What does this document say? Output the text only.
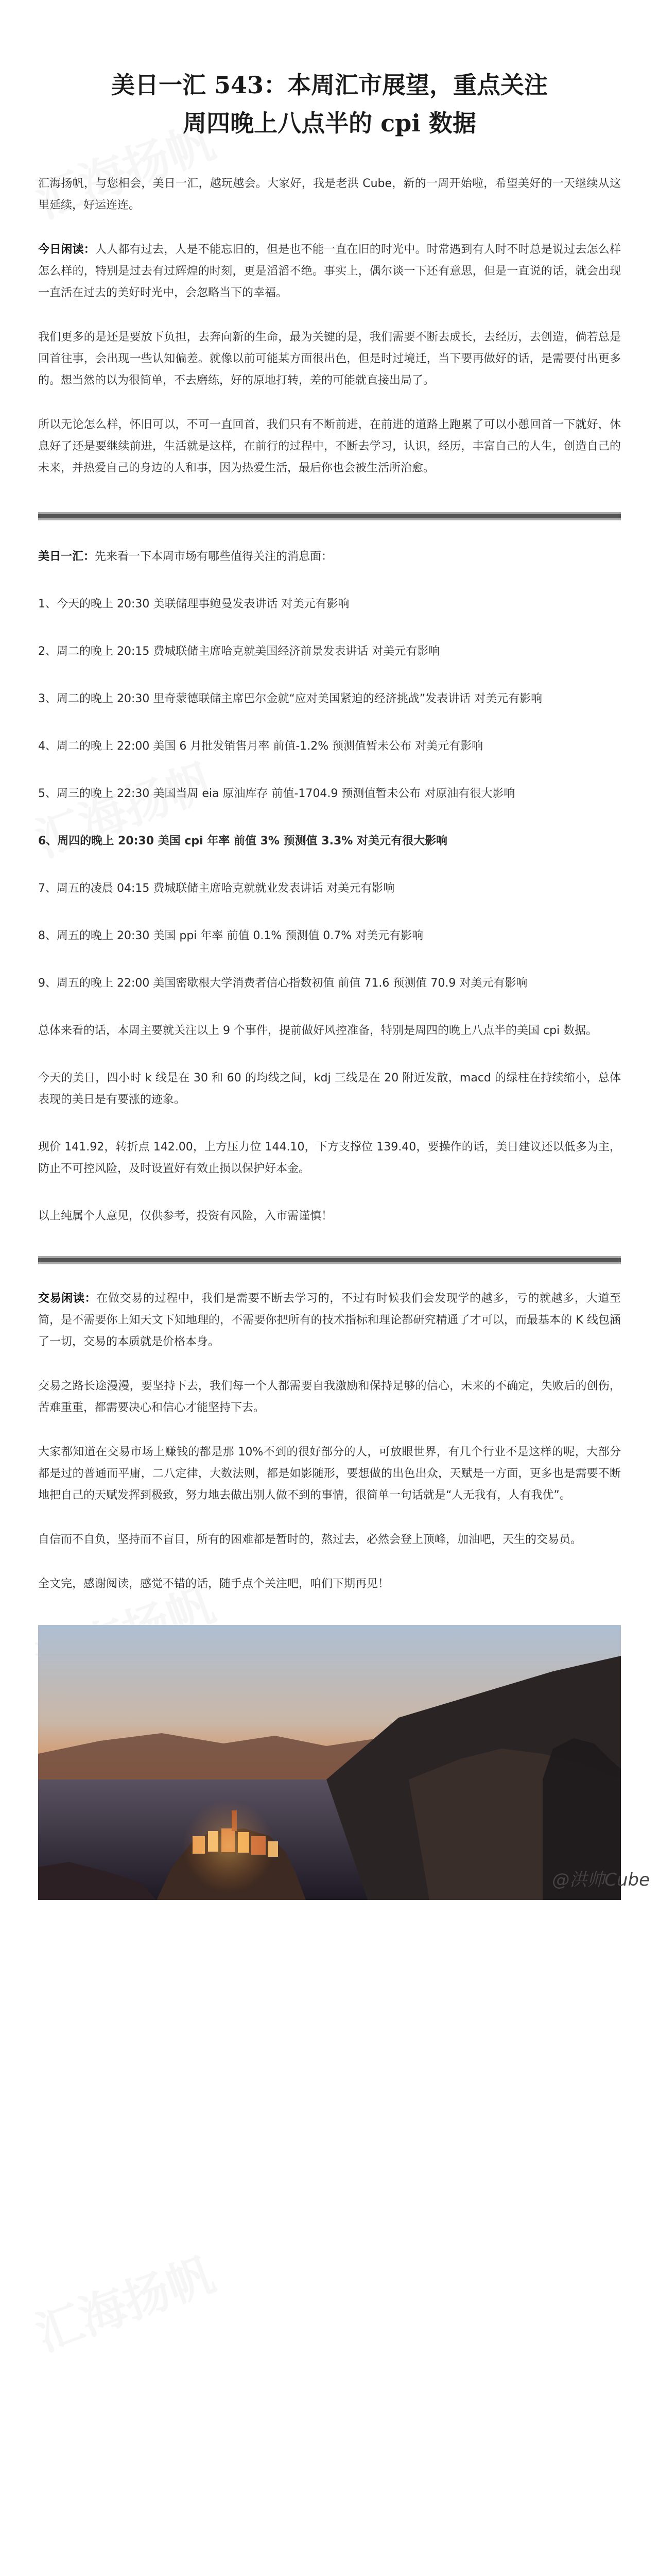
美日一汇 543：本周汇市展望，重点关注
周四晚上八点半的 cpi 数据

汇海扬帆，与您相会，美日一汇，越玩越会。大家好，我是老洪 Cube，新的一周开始啦，希望美好的一天继续从这里延续，好运连连。

今日闲读：人人都有过去，人是不能忘旧的，但是也不能一直在旧的时光中。时常遇到有人时不时总是说过去怎么样怎么样的，特别是过去有过辉煌的时刻，更是滔滔不绝。事实上，偶尔谈一下还有意思，但是一直说的话，就会出现一直活在过去的美好时光中，会忽略当下的幸福。

我们更多的是还是要放下负担，去奔向新的生命，最为关键的是，我们需要不断去成长，去经历，去创造，倘若总是回首往事，会出现一些认知偏差。就像以前可能某方面很出色，但是时过境迁，当下要再做好的话，是需要付出更多的。想当然的以为很简单，不去磨练，好的原地打转，差的可能就直接出局了。

所以无论怎么样，怀旧可以，不可一直回首，我们只有不断前进，在前进的道路上跑累了可以小憩回首一下就好，休息好了还是要继续前进，生活就是这样，在前行的过程中，不断去学习，认识，经历，丰富自己的人生，创造自己的未来，并热爱自己的身边的人和事，因为热爱生活，最后你也会被生活所治愈。

美日一汇：先来看一下本周市场有哪些值得关注的消息面：

1、今天的晚上 20:30 美联储理事鲍曼发表讲话 对美元有影响

2、周二的晚上 20:15 费城联储主席哈克就美国经济前景发表讲话 对美元有影响

3、周二的晚上 20:30 里奇蒙德联储主席巴尔金就“应对美国紧迫的经济挑战”发表讲话 对美元有影响

4、周二的晚上 22:00 美国 6 月批发销售月率 前值-1.2% 预测值暂未公布 对美元有影响

5、周三的晚上 22:30 美国当周 eia 原油库存 前值-1704.9 预测值暂未公布 对原油有很大影响

6、周四的晚上 20:30 美国 cpi 年率 前值 3% 预测值 3.3% 对美元有很大影响

7、周五的凌晨 04:15 费城联储主席哈克就就业发表讲话 对美元有影响

8、周五的晚上 20:30 美国 ppi 年率 前值 0.1% 预测值 0.7% 对美元有影响

9、周五的晚上 22:00 美国密歇根大学消费者信心指数初值 前值 71.6 预测值 70.9 对美元有影响

总体来看的话，本周主要就关注以上 9 个事件，提前做好风控准备，特别是周四的晚上八点半的美国 cpi 数据。

今天的美日，四小时 k 线是在 30 和 60 的均线之间，kdj 三线是在 20 附近发散，macd 的绿柱在持续缩小，总体表现的美日是有要涨的迹象。

现价 141.92，转折点 142.00，上方压力位 144.10，下方支撑位 139.40，要操作的话，美日建议还以低多为主，防止不可控风险，及时设置好有效止损以保护好本金。

以上纯属个人意见，仅供参考，投资有风险，入市需谨慎！

交易闲读：在做交易的过程中，我们是需要不断去学习的，不过有时候我们会发现学的越多，亏的就越多，大道至简，是不需要你上知天文下知地理的，不需要你把所有的技术指标和理论都研究精通了才可以，而最基本的 K 线包涵了一切，交易的本质就是价格本身。

交易之路长途漫漫，要坚持下去，我们每一个人都需要自我激励和保持足够的信心，未来的不确定，失败后的创伤，苦难重重，都需要决心和信心才能坚持下去。

大家都知道在交易市场上赚钱的都是那 10%不到的很好部分的人，可放眼世界，有几个行业不是这样的呢，大部分都是过的普通而平庸，二八定律，大数法则，都是如影随形，要想做的出色出众，天赋是一方面，更多也是需要不断地把自己的天赋发挥到极致，努力地去做出别人做不到的事情，很简单一句话就是“人无我有，人有我优”。

自信而不自负，坚持而不盲目，所有的困难都是暂时的，熬过去，必然会登上顶峰，加油吧，天生的交易员。

全文完，感谢阅读，感觉不错的话，随手点个关注吧，咱们下期再见！

@洪帅Cube
